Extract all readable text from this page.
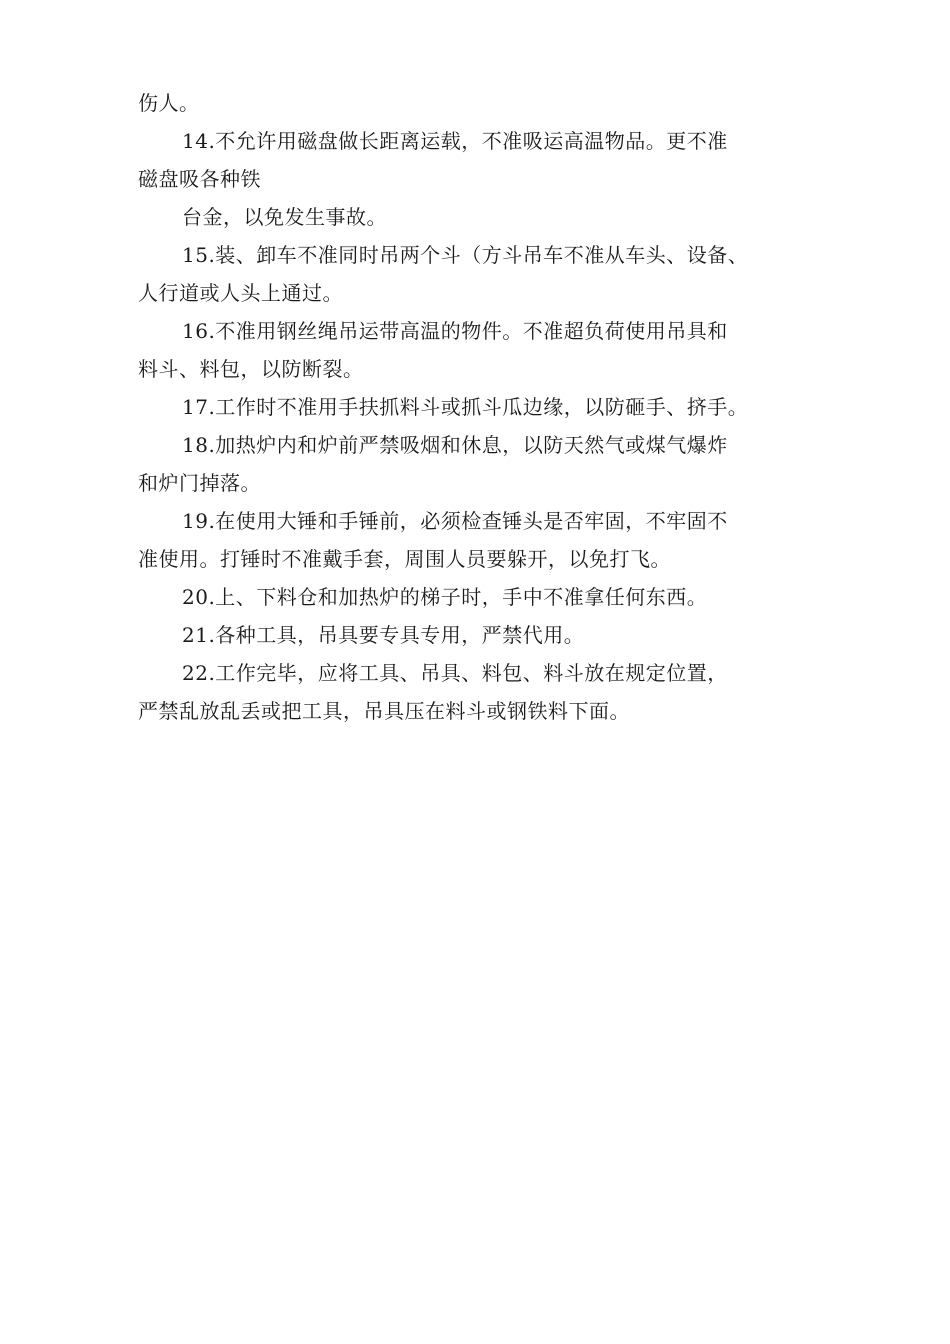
伤人。
14.不允许用磁盘做长距离运载，不准吸运高温物品。更不准
磁盘吸各种铁
台金，以免发生事故。
15.装、卸车不准同时吊两个斗（方斗吊车不准从车头、设备、
人行道或人头上通过。
16.不准用钢丝绳吊运带高温的物件。不准超负荷使用吊具和
料斗、料包，以防断裂。
17.工作时不准用手扶抓料斗或抓斗瓜边缘，以防砸手、挤手。
18.加热炉内和炉前严禁吸烟和休息，以防天然气或煤气爆炸
和炉门掉落。
19.在使用大锤和手锤前，必须检查锤头是否牢固，不牢固不
准使用。打锤时不准戴手套，周围人员要躲开，以免打飞。
20.上、下料仓和加热炉的梯子时，手中不准拿任何东西。
21.各种工具，吊具要专具专用，严禁代用。
22.工作完毕，应将工具、吊具、料包、料斗放在规定位置，
严禁乱放乱丢或把工具，吊具压在料斗或钢铁料下面。
